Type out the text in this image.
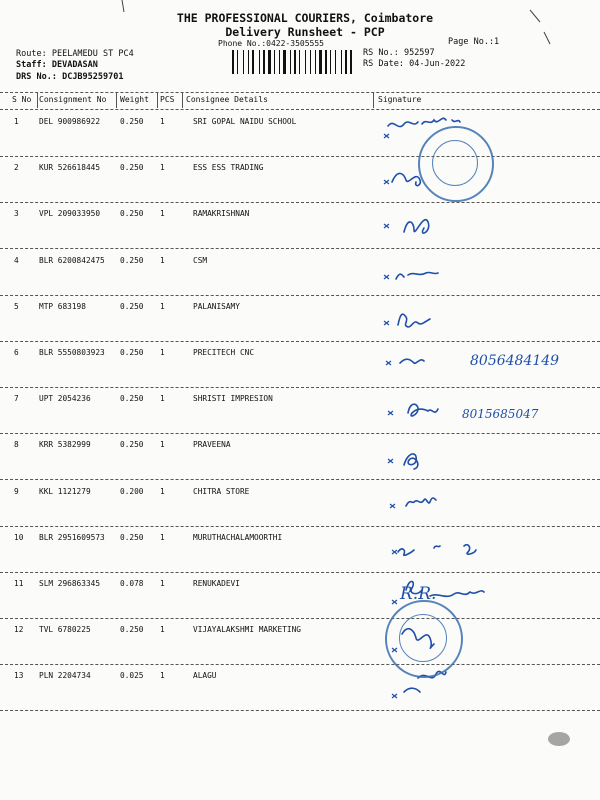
THE PROFESSIONAL COURIERS, Coimbatore
Delivery Runsheet - PCP
Phone No.:0422-3505555	Page No.:1
Route: PEELAMEDU ST PC4
Staff: DEVADASAN
DRS No.: DCJB95259701
RS No.: 952597
RS Date: 04-Jun-2022
S No Consignment No Weight PCS Consignee Details	Signature
1	DEL 900986922	0.250 1	SRI GOPAL NAIDU SCHOOL
2	KUR 526618445	0.250 1	ESS ESS TRADING
3	VPL 209033950	0.250 1	RAMAKRISHNAN
4	BLR 6200842475 0.250 1	CSM
5	MTP 683198	0.250 1	PALANISAMY
6	BLR 5550803923 0.250 1	PRECITECH CNC
8056484149
7	UPT 2054236	0.250 1	SHRISTI IMPRESION
8015685047
8	KRR 5382999	0.250 1	PRAVEENA
9	KKL 1121279	0.200 1	CHITRA STORE
10 BLR 2951609573 0.250 1	MURUTHACHALAMOORTHI
11 SLM 296863345	0.078 1	RENUKADEVI
R.R.
12 TVL 6780225	0.250 1	VIJAYALAKSHMI MARKETING
13 PLN 2204734	0.025 1	ALAGU
